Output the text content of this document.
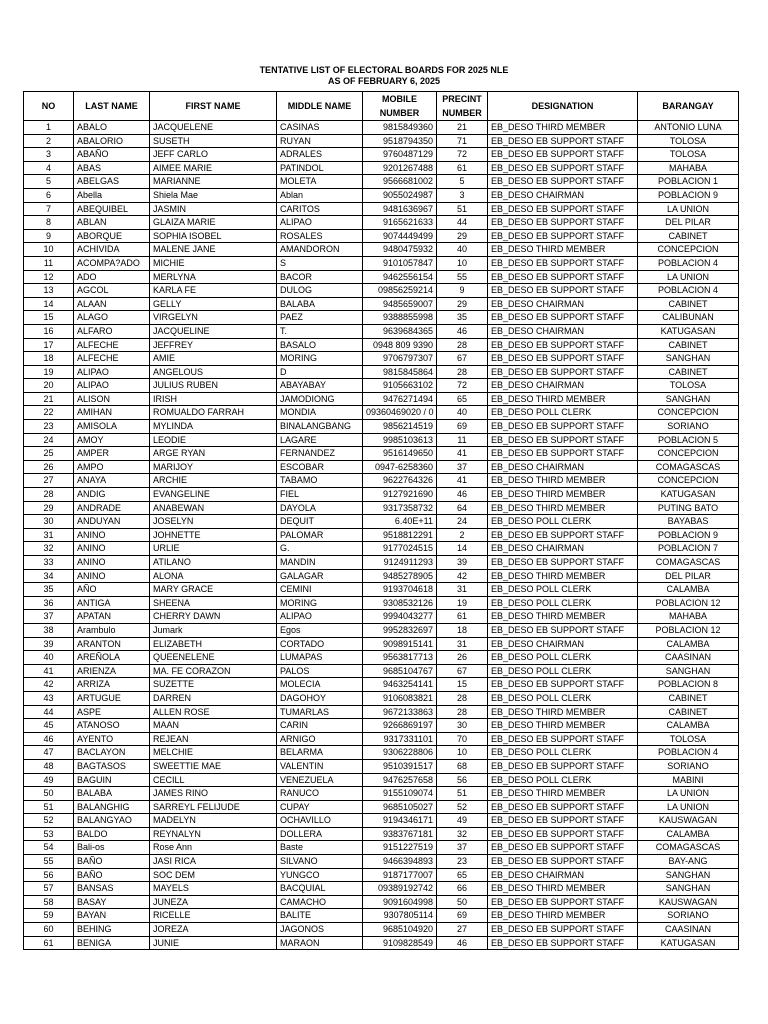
TENTATIVE LIST OF ELECTORAL BOARDS FOR 2025 NLE
AS OF FEBRUARY 6, 2025
NO	LAST NAME	FIRST NAME	MIDDLE NAME	MOBILE	PRECINT	DESIGNATION	BARANGAY
				NUMBER	NUMBER		
1	ABALO	JACQUELENE	CASINAS	9815849360	21	EB_DESO THIRD MEMBER	ANTONIO LUNA
2	ABALORIO	SUSETH	RUYAN	9518794350	71	EB_DESO EB SUPPORT STAFF	TOLOSA
3	ABAÑO	JEFF CARLO	ADRALES	9760487129	72	EB_DESO EB SUPPORT STAFF	TOLOSA
4	ABAS	AIMEE MARIE	PATINDOL	9201267488	61	EB_DESO EB SUPPORT STAFF	MAHABA
5	ABELGAS	MARIANNE	MOLETA	9566681002	5	EB_DESO EB SUPPORT STAFF	POBLACION 1
6	Abella	Shiela Mae	Ablan	9055024987	3	EB_DESO CHAIRMAN	POBLACION 9
7	ABEQUIBEL	JASMIN	CARITOS	9481636967	51	EB_DESO EB SUPPORT STAFF	LA UNION
8	ABLAN	GLAIZA MARIE	ALIPAO	9165621633	44	EB_DESO EB SUPPORT STAFF	DEL PILAR
9	ABORQUE	SOPHIA ISOBEL	ROSALES	9074449499	29	EB_DESO EB SUPPORT STAFF	CABINET
10	ACHIVIDA	MALENE JANE	AMANDORON	9480475932	40	EB_DESO THIRD MEMBER	CONCEPCION
11	ACOMPA?ADO	MICHIE	S	9101057847	10	EB_DESO EB SUPPORT STAFF	POBLACION 4
12	ADO	MERLYNA	BACOR	9462556154	55	EB_DESO EB SUPPORT STAFF	LA UNION
13	AGCOL	KARLA FE	DULOG	09856259214	9	EB_DESO EB SUPPORT STAFF	POBLACION 4
14	ALAAN	GELLY	BALABA	9485659007	29	EB_DESO CHAIRMAN	CABINET
15	ALAGO	VIRGELYN	PAEZ	9388855998	35	EB_DESO EB SUPPORT STAFF	CALIBUNAN
16	ALFARO	JACQUELINE	T.	9639684365	46	EB_DESO CHAIRMAN	KATUGASAN
17	ALFECHE	JEFFREY	BASALO	0948 809 9390	28	EB_DESO EB SUPPORT STAFF	CABINET
18	ALFECHE	AMIE	MORING	9706797307	67	EB_DESO EB SUPPORT STAFF	SANGHAN
19	ALIPAO	ANGELOUS	D	9815845864	28	EB_DESO EB SUPPORT STAFF	CABINET
20	ALIPAO	JULIUS RUBEN	ABAYABAY	9105663102	72	EB_DESO CHAIRMAN	TOLOSA
21	ALISON	IRISH	JAMODIONG	9476271494	65	EB_DESO THIRD MEMBER	SANGHAN
22	AMIHAN	ROMUALDO FARRAH	MONDIA	09360469020 / 0	40	EB_DESO POLL CLERK	CONCEPCION
23	AMISOLA	MYLINDA	BINALANGBANG	9856214519	69	EB_DESO EB SUPPORT STAFF	SORIANO
24	AMOY	LEODIE	LAGARE	9985103613	11	EB_DESO EB SUPPORT STAFF	POBLACION 5
25	AMPER	ARGE RYAN	FERNANDEZ	9516149650	41	EB_DESO EB SUPPORT STAFF	CONCEPCION
26	AMPO	MARIJOY	ESCOBAR	0947-6258360	37	EB_DESO CHAIRMAN	COMAGASCAS
27	ANAYA	ARCHIE	TABAMO	9622764326	41	EB_DESO THIRD MEMBER	CONCEPCION
28	ANDIG	EVANGELINE	FIEL	9127921690	46	EB_DESO THIRD MEMBER	KATUGASAN
29	ANDRADE	ANABEWAN	DAYOLA	9317358732	64	EB_DESO THIRD MEMBER	PUTING BATO
30	ANDUYAN	JOSELYN	DEQUIT	6.40E+11	24	EB_DESO POLL CLERK	BAYABAS
31	ANINO	JOHNETTE	PALOMAR	9518812291	2	EB_DESO EB SUPPORT STAFF	POBLACION 9
32	ANINO	URLIE	G.	9177024515	14	EB_DESO CHAIRMAN	POBLACION 7
33	ANINO	ATILANO	MANDIN	9124911293	39	EB_DESO EB SUPPORT STAFF	COMAGASCAS
34	ANINO	ALONA	GALAGAR	9485278905	42	EB_DESO THIRD MEMBER	DEL PILAR
35	AÑO	MARY GRACE	CEMINI	9193704618	31	EB_DESO POLL CLERK	CALAMBA
36	ANTIGA	SHEENA	MORING	9308532126	19	EB_DESO POLL CLERK	POBLACION 12
37	APATAN	CHERRY DAWN	ALIPAO	9994043277	61	EB_DESO THIRD MEMBER	MAHABA
38	Arambulo	Jumark	Egos	9952832697	18	EB_DESO EB SUPPORT STAFF	POBLACION 12
39	ARANTON	ELIZABETH	CORTADO	9098915141	31	EB_DESO CHAIRMAN	CALAMBA
40	AREÑOLA	QUEENELENE	LUMAPAS	9563817713	26	EB_DESO POLL CLERK	CAASINAN
41	ARIENZA	MA. FE CORAZON	PALOS	9685104767	67	EB_DESO POLL CLERK	SANGHAN
42	ARRIZA	SUZETTE	MOLECIA	9463254141	15	EB_DESO EB SUPPORT STAFF	POBLACION 8
43	ARTUGUE	DARREN	DAGOHOY	9106083821	28	EB_DESO POLL CLERK	CABINET
44	ASPE	ALLEN ROSE	TUMARLAS	9672133863	28	EB_DESO THIRD MEMBER	CABINET
45	ATANOSO	MAAN	CARIN	9266869197	30	EB_DESO THIRD MEMBER	CALAMBA
46	AYENTO	REJEAN	ARNIGO	9317331101	70	EB_DESO EB SUPPORT STAFF	TOLOSA
47	BACLAYON	MELCHIE	BELARMA	9306228806	10	EB_DESO POLL CLERK	POBLACION 4
48	BAGTASOS	SWEETTIE MAE	VALENTIN	9510391517	68	EB_DESO EB SUPPORT STAFF	SORIANO
49	BAGUIN	CECILL	VENEZUELA	9476257658	56	EB_DESO POLL CLERK	MABINI
50	BALABA	JAMES RINO	RANUCO	9155109074	51	EB_DESO THIRD MEMBER	LA UNION
51	BALANGHIG	SARREYL FELIJUDE	CUPAY	9685105027	52	EB_DESO EB SUPPORT STAFF	LA UNION
52	BALANGYAO	MADELYN	OCHAVILLO	9194346171	49	EB_DESO EB SUPPORT STAFF	KAUSWAGAN
53	BALDO	REYNALYN	DOLLERA	9383767181	32	EB_DESO EB SUPPORT STAFF	CALAMBA
54	Bali-os	Rose Ann	Baste	9151227519	37	EB_DESO EB SUPPORT STAFF	COMAGASCAS
55	BAÑO	JASI RICA	SILVANO	9466394893	23	EB_DESO EB SUPPORT STAFF	BAY-ANG
56	BAÑO	SOC DEM	YUNGCO	9187177007	65	EB_DESO CHAIRMAN	SANGHAN
57	BANSAS	MAYELS	BACQUIAL	09389192742	66	EB_DESO THIRD MEMBER	SANGHAN
58	BASAY	JUNEZA	CAMACHO	9091604998	50	EB_DESO EB SUPPORT STAFF	KAUSWAGAN
59	BAYAN	RICELLE	BALITE	9307805114	69	EB_DESO THIRD MEMBER	SORIANO
60	BEHING	JOREZA	JAGONOS	9685104920	27	EB_DESO EB SUPPORT STAFF	CAASINAN
61	BENIGA	JUNIE	MARAON	9109828549	46	EB_DESO EB SUPPORT STAFF	KATUGASAN
